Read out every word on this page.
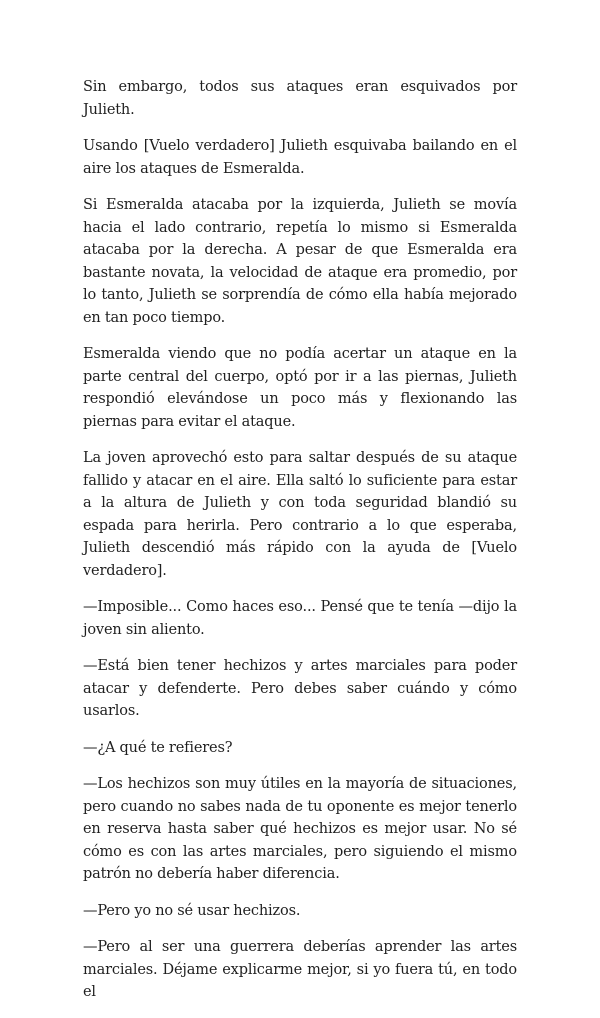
Sin embargo, todos sus ataques eran esquivados por Julieth.

Usando [Vuelo verdadero] Julieth esquivaba bailando en el aire los ataques de Esmeralda.

Si Esmeralda atacaba por la izquierda, Julieth se movía hacia el lado contrario, repetía lo mismo si Esmeralda atacaba por la derecha. A pesar de que Esmeralda era bastante novata, la velocidad de ataque era promedio, por lo tanto, Julieth se sorprendía de cómo ella había mejorado en tan poco tiempo.

Esmeralda viendo que no podía acertar un ataque en la parte central del cuerpo, optó por ir a las piernas, Julieth respondió elevándose un poco más y flexionando las piernas para evitar el ataque.

La joven aprovechó esto para saltar después de su ataque fallido y atacar en el aire. Ella saltó lo suficiente para estar a la altura de Julieth y con toda seguridad blandió su espada para herirla. Pero contrario a lo que esperaba, Julieth descendió más rápido con la ayuda de [Vuelo verdadero].

—Imposible... Como haces eso... Pensé que te tenía —dijo la joven sin aliento.

—Está bien tener hechizos y artes marciales para poder atacar y defenderte. Pero debes saber cuándo y cómo usarlos.

—¿A qué te refieres?

—Los hechizos son muy útiles en la mayoría de situaciones, pero cuando no sabes nada de tu oponente es mejor tenerlo en reserva hasta saber qué hechizos es mejor usar. No sé cómo es con las artes marciales, pero siguiendo el mismo patrón no debería haber diferencia.

—Pero yo no sé usar hechizos.

—Pero al ser una guerrera deberías aprender las artes marciales. Déjame explicarme mejor, si yo fuera tú, en todo el
